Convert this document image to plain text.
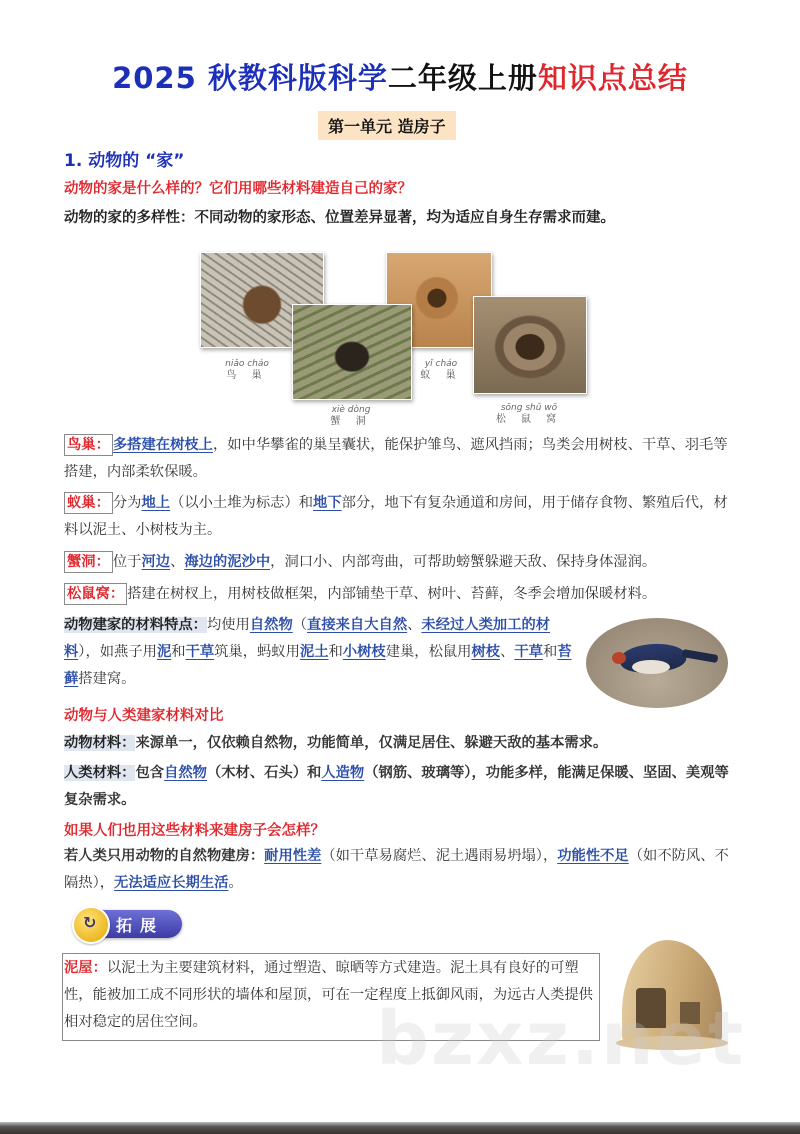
2025 秋教科版科学二年级上册知识点总结
第一单元 造房子
1. 动物的 “家”
动物的家是什么样的？它们用哪些材料建造自己的家？
动物的家的多样性：不同动物的家形态、位置差异显著，均为适应自身生存需求而建。
niǎo cháo
鸟 巢
yǐ cháo
蚁 巢
xiè dòng
蟹 洞
sōng shǔ wō
松 鼠 窝
鸟巢： 多搭建在树枝上，如中华攀雀的巢呈囊状，能保护雏鸟、遮风挡雨；鸟类会用树枝、干草、羽毛等搭建，内部柔软保暖。
蚁巢： 分为地上（以小土堆为标志）和地下部分，地下有复杂通道和房间，用于储存食物、繁殖后代，材料以泥土、小树枝为主。
蟹洞： 位于河边、海边的泥沙中，洞口小、内部弯曲，可帮助螃蟹躲避天敌、保持身体湿润。
松鼠窝： 搭建在树杈上，用树枝做框架，内部铺垫干草、树叶、苔藓，冬季会增加保暖材料。
动物建家的材料特点：均使用自然物（直接来自大自然、未经过人类加工的材料），如燕子用泥和干草筑巢，蚂蚁用泥土和小树枝建巢，松鼠用树枝、干草和苔藓搭建窝。
动物与人类建家材料对比
动物材料：来源单一，仅依赖自然物，功能简单，仅满足居住、躲避天敌的基本需求。
人类材料：包含自然物（木材、石头）和人造物（钢筋、玻璃等），功能多样，能满足保暖、坚固、美观等复杂需求。
如果人们也用这些材料来建房子会怎样？
若人类只用动物的自然物建房：耐用性差（如干草易腐烂、泥土遇雨易坍塌），功能性不足（如不防风、不隔热），无法适应长期生活。
↻ 拓展
泥屋：以泥土为主要建筑材料，通过塑造、晾晒等方式建造。泥土具有良好的可塑性，能被加工成不同形状的墙体和屋顶，可在一定程度上抵御风雨，为远古人类提供相对稳定的居住空间。	bzxz.net
